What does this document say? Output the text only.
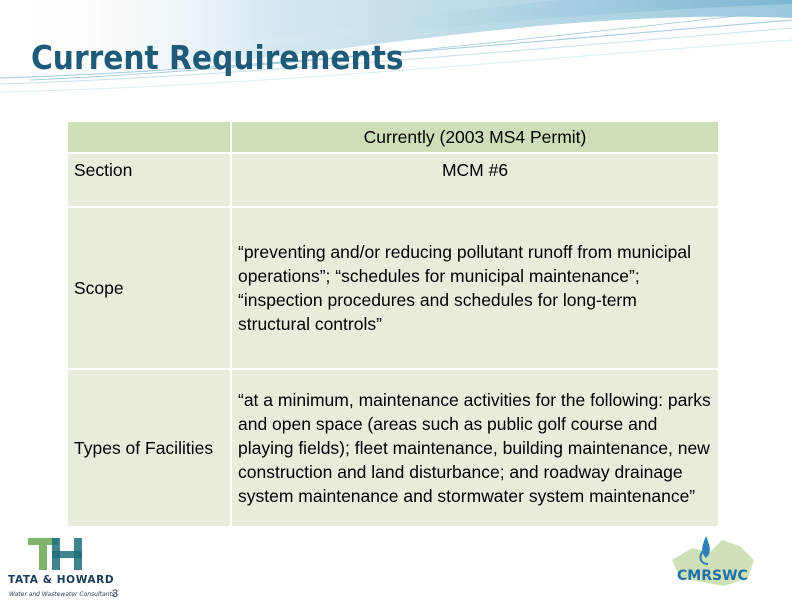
Current Requirements

	Currently (2003 MS4 Permit)

Section	MCM #6
Scope	“preventing and/or reducing pollutant runoff from municipal operations”; “schedules for municipal maintenance”; “inspection procedures and schedules for long-term structural controls”

Types of Facilities	“at a minimum, maintenance activities for the following: parks and open space (areas such as public golf course and playing fields); fleet maintenance, building maintenance, new construction and land disturbance; and roadway drainage system maintenance and stormwater system maintenance”
TATA & HOWARD
Water and Wastewater Consultants
3
CMRSWC
